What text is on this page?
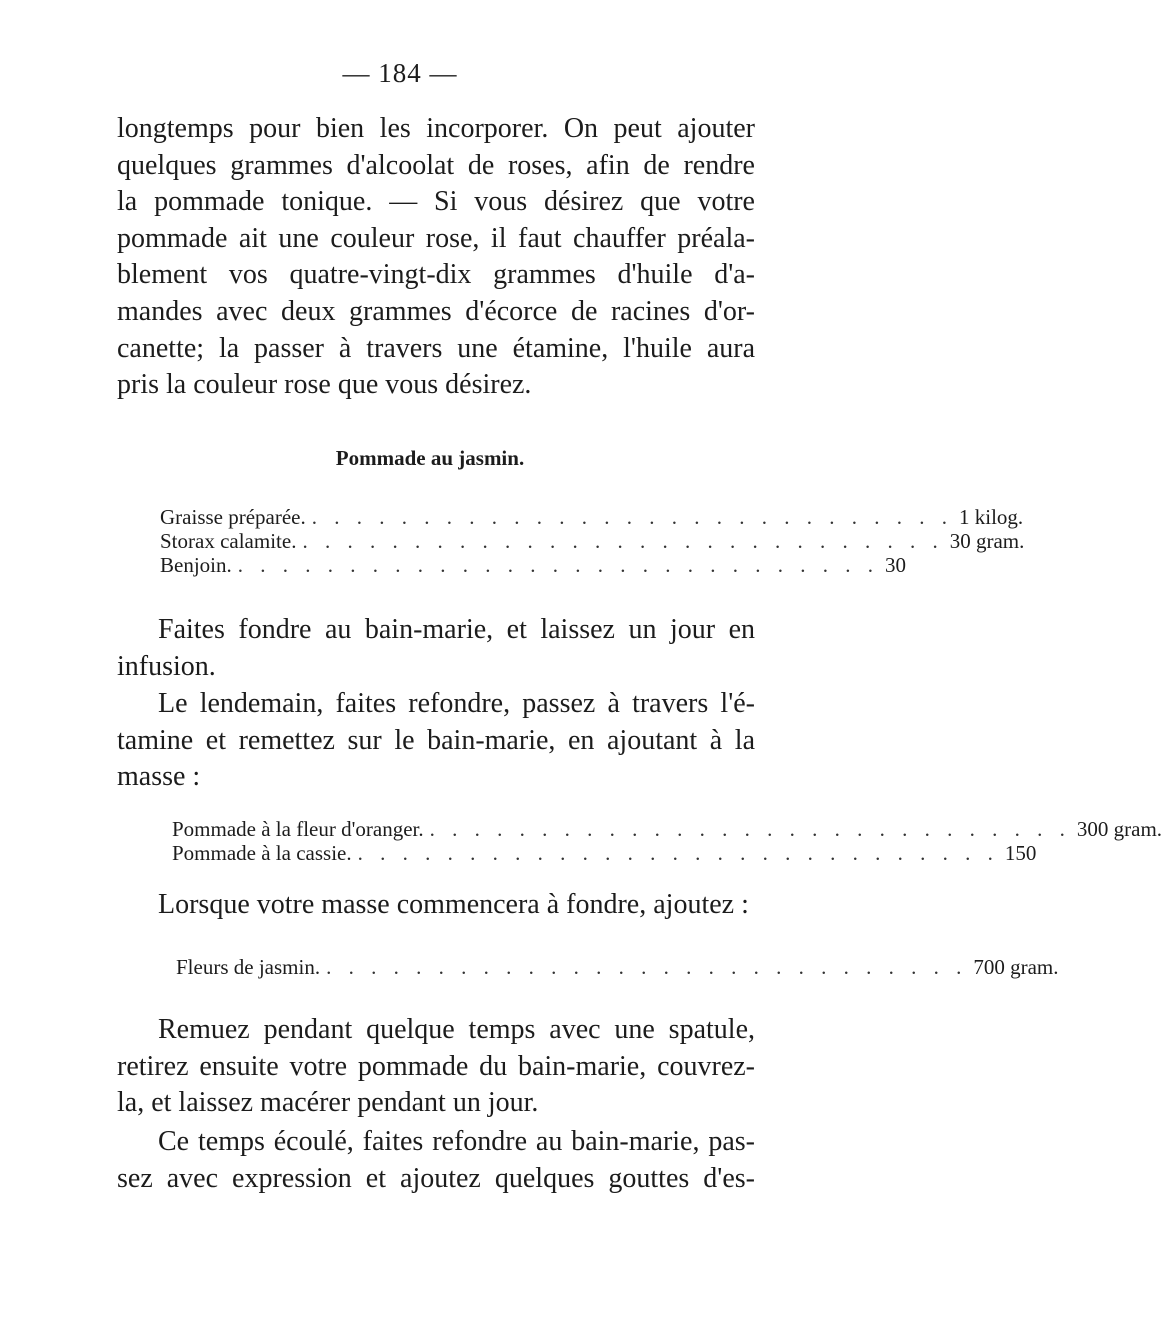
— 184 —
longtemps pour bien les incorporer. On peut ajouter
quelques grammes d'alcoolat de roses, afin de rendre
la pommade tonique. — Si vous désirez que votre
pommade ait une couleur rose, il faut chauffer préala-
blement vos quatre-vingt-dix grammes d'huile d'a-
mandes avec deux grammes d'écorce de racines d'or-
canette; la passer à travers une étamine, l'huile aura
pris la couleur rose que vous désirez.
Pommade au jasmin.
Graisse préparée. . . . . . . . . . . . . . . . . . . . . . . . . . . . . . 1 kilog.
Storax calamite. . . . . . . . . . . . . . . . . . . . . . . . . . . . . . 30 gram.
Benjoin. . . . . . . . . . . . . . . . . . . . . . . . . . . . . . 30
Faites fondre au bain-marie, et laissez un jour en
infusion.
Le lendemain, faites refondre, passez à travers l'é-
tamine et remettez sur le bain-marie, en ajoutant à la
masse :
Pommade à la fleur d'oranger. . . . . . . . . . . . . . . . . . . . . . . . . . . . . . 300 gram.
Pommade à la cassie. . . . . . . . . . . . . . . . . . . . . . . . . . . . . . 150
Lorsque votre masse commencera à fondre, ajoutez :
Fleurs de jasmin. . . . . . . . . . . . . . . . . . . . . . . . . . . . . . 700 gram.
Remuez pendant quelque temps avec une spatule,
retirez ensuite votre pommade du bain-marie, couvrez-
la, et laissez macérer pendant un jour.
Ce temps écoulé, faites refondre au bain-marie, pas-
sez avec expression et ajoutez quelques gouttes d'es-
